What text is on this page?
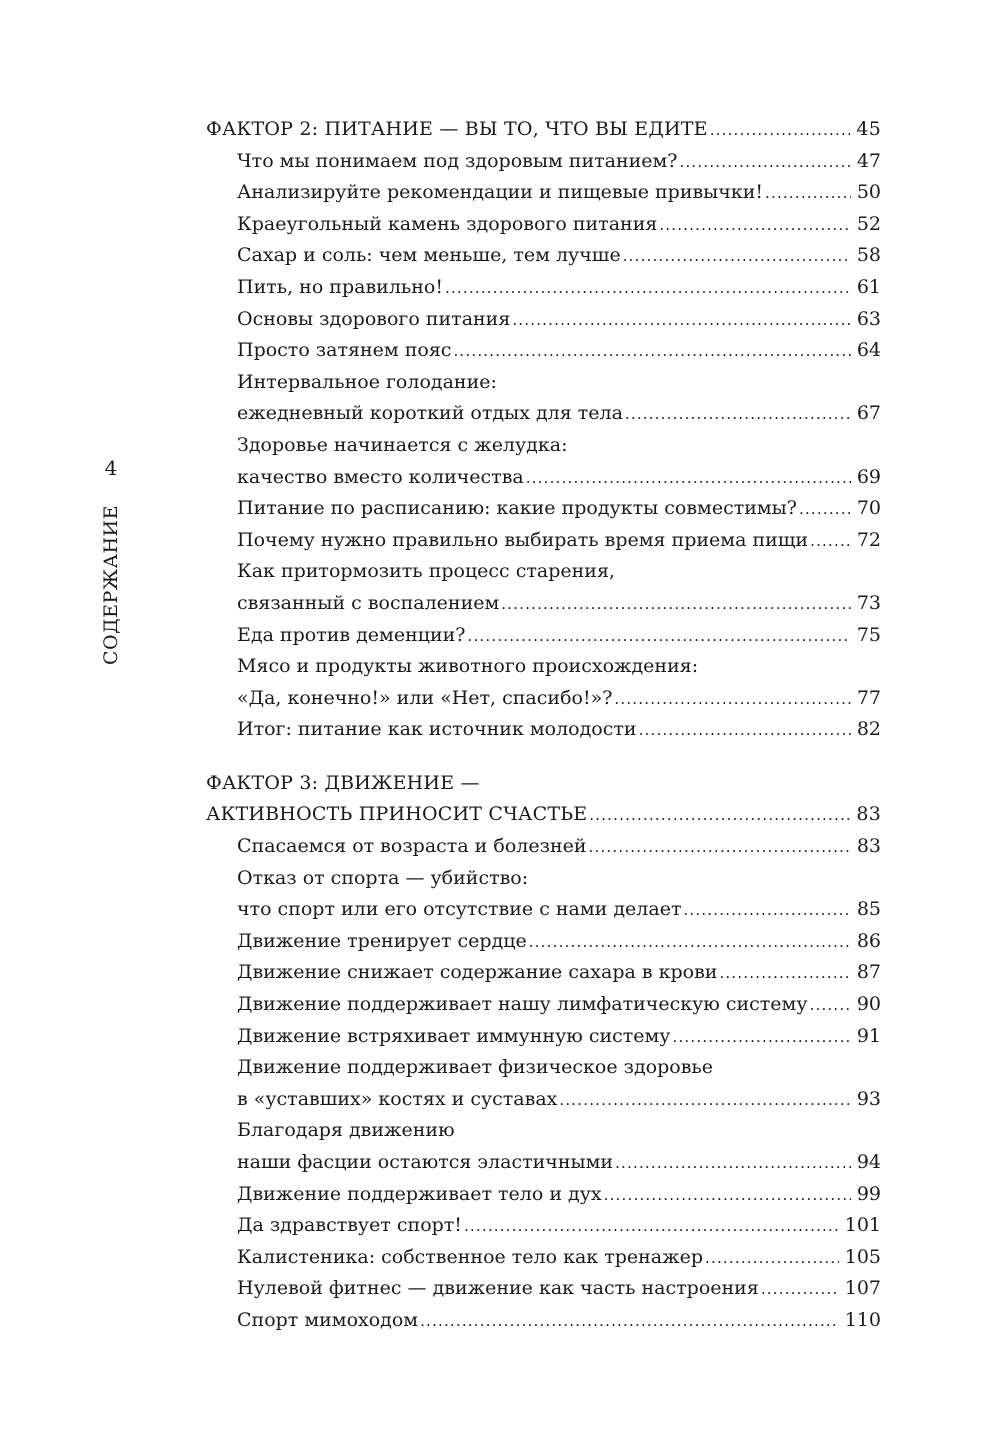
4
СОДЕРЖАНИЕ
ФАКТОР 2: ПИТАНИЕ — ВЫ ТО, ЧТО ВЫ ЕДИТЕ .....	45
Что мы понимаем под здоровым питанием? .....	47
Анализируйте рекомендации и пищевые привычки! .....	50
Краеугольный камень здорового питания .....	52
Сахар и соль: чем меньше, тем лучше .....	58
Пить, но правильно! .....	61
Основы здорового питания .....	63
Просто затянем пояс .....	64
Интервальное голодание:
ежедневный короткий отдых для тела .....	67
Здоровье начинается с желудка:
качество вместо количества .....	69
Питание по расписанию: какие продукты совместимы? .....	70
Почему нужно правильно выбирать время приема пищи .....	72
Как притормозить процесс старения,
связанный с воспалением .....	73
Еда против деменции? .....	75
Мясо и продукты животного происхождения:
«Да, конечно!» или «Нет, спасибо!»? .....	77
Итог: питание как источник молодости .....	82
ФАКТОР 3: ДВИЖЕНИЕ —
АКТИВНОСТЬ ПРИНОСИТ СЧАСТЬЕ .....	83
Спасаемся от возраста и болезней .....	83
Отказ от спорта — убийство:
что спорт или его отсутствие с нами делает .....	85
Движение тренирует сердце .....	86
Движение снижает содержание сахара в крови .....	87
Движение поддерживает нашу лимфатическую систему .....	90
Движение встряхивает иммунную систему .....	91
Движение поддерживает физическое здоровье
в «уставших» костях и суставах .....	93
Благодаря движению
наши фасции остаются эластичными .....	94
Движение поддерживает тело и дух .....	99
Да здравствует спорт! .....	101
Калистеника: собственное тело как тренажер .....	105
Нулевой фитнес — движение как часть настроения .....	107
Спорт мимоходом .....	110
